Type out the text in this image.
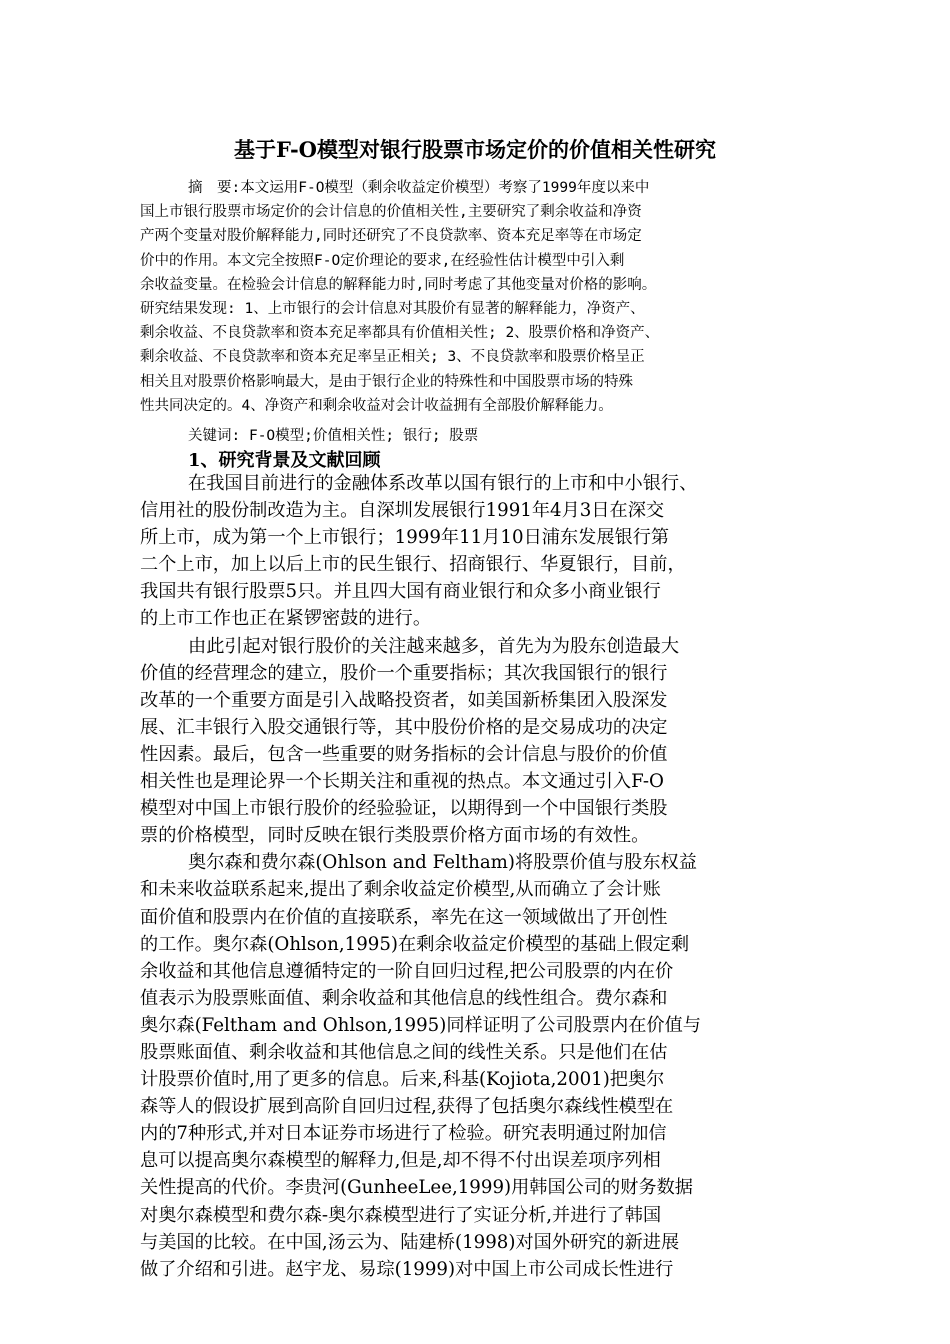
基于F-O模型对银行股票市场定价的价值相关性研究
摘　要:本文运用F-O模型（剩余收益定价模型）考察了1999年度以来中
国上市银行股票市场定价的会计信息的价值相关性,主要研究了剩余收益和净资
产两个变量对股价解释能力,同时还研究了不良贷款率、资本充足率等在市场定
价中的作用。本文完全按照F-O定价理论的要求,在经验性估计模型中引入剩
余收益变量。在检验会计信息的解释能力时,同时考虑了其他变量对价格的影响。
研究结果发现: 1、上市银行的会计信息对其股价有显著的解释能力，净资产、
剩余收益、不良贷款率和资本充足率都具有价值相关性; 2、股票价格和净资产、
剩余收益、不良贷款率和资本充足率呈正相关; 3、不良贷款率和股票价格呈正
相关且对股票价格影响最大，是由于银行企业的特殊性和中国股票市场的特殊
性共同决定的。4、净资产和剩余收益对会计收益拥有全部股价解释能力。
关键词: F-O模型;价值相关性; 银行; 股票
1、研究背景及文献回顾
在我国目前进行的金融体系改革以国有银行的上市和中小银行、
信用社的股份制改造为主。自深圳发展银行1991年4月3日在深交
所上市，成为第一个上市银行；1999年11月10日浦东发展银行第
二个上市，加上以后上市的民生银行、招商银行、华夏银行，目前，
我国共有银行股票5只。并且四大国有商业银行和众多小商业银行
的上市工作也正在紧锣密鼓的进行。
由此引起对银行股价的关注越来越多，首先为为股东创造最大
价值的经营理念的建立，股价一个重要指标；其次我国银行的银行
改革的一个重要方面是引入战略投资者，如美国新桥集团入股深发
展、汇丰银行入股交通银行等，其中股份价格的是交易成功的决定
性因素。最后，包含一些重要的财务指标的会计信息与股价的价值
相关性也是理论界一个长期关注和重视的热点。本文通过引入F-O
模型对中国上市银行股价的经验验证，以期得到一个中国银行类股
票的价格模型，同时反映在银行类股票价格方面市场的有效性。
奥尔森和费尔森(Ohlson and Feltham)将股票价值与股东权益
和未来收益联系起来,提出了剩余收益定价模型,从而确立了会计账
面价值和股票内在价值的直接联系，率先在这一领域做出了开创性
的工作。奥尔森(Ohlson,1995)在剩余收益定价模型的基础上假定剩
余收益和其他信息遵循特定的一阶自回归过程,把公司股票的内在价
值表示为股票账面值、剩余收益和其他信息的线性组合。费尔森和
奥尔森(Feltham and Ohlson,1995)同样证明了公司股票内在价值与
股票账面值、剩余收益和其他信息之间的线性关系。只是他们在估
计股票价值时,用了更多的信息。后来,科基(Kojiota,2001)把奥尔
森等人的假设扩展到高阶自回归过程,获得了包括奥尔森线性模型在
内的7种形式,并对日本证券市场进行了检验。研究表明通过附加信
息可以提高奥尔森模型的解释力,但是,却不得不付出误差项序列相
关性提高的代价。李贵河(GunheeLee,1999)用韩国公司的财务数据
对奥尔森模型和费尔森-奥尔森模型进行了实证分析,并进行了韩国
与美国的比较。在中国,汤云为、陆建桥(1998)对国外研究的新进展
做了介绍和引进。赵宇龙、易琮(1999)对中国上市公司成长性进行
